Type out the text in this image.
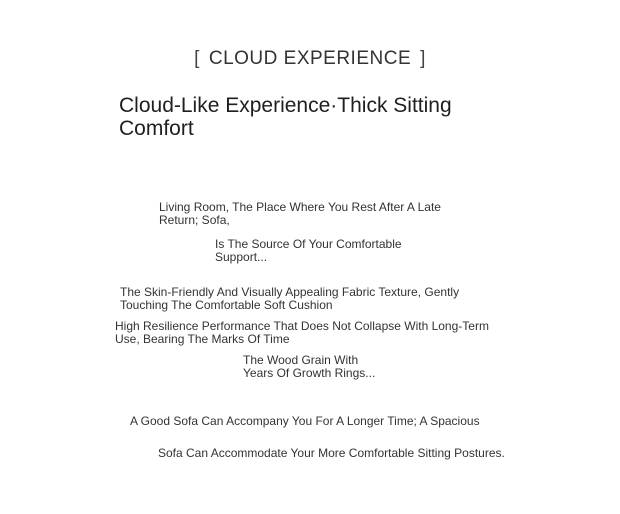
[ CLOUD EXPERIENCE ]
Cloud-Like Experience·Thick Sitting Comfort
Living Room, The Place Where You Rest After A Late Return; Sofa,
Is The Source Of Your Comfortable Support...
The Skin-Friendly And Visually Appealing Fabric Texture, Gently Touching The Comfortable Soft Cushion
High Resilience Performance That Does Not Collapse With Long-Term Use, Bearing The Marks Of Time
The Wood Grain With Years Of Growth Rings...
A Good Sofa Can Accompany You For A Longer Time; A Spacious
Sofa Can Accommodate Your More Comfortable Sitting Postures.
